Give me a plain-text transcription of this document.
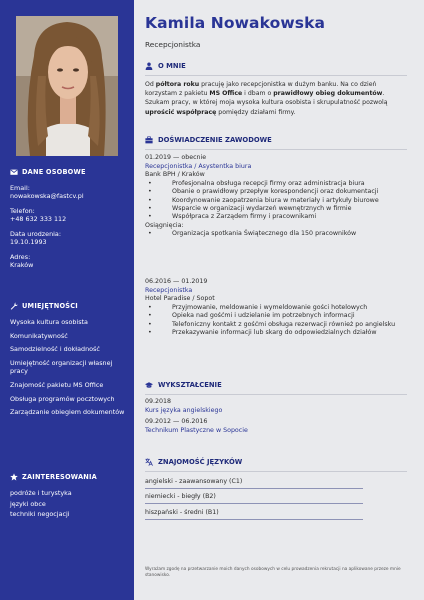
DANE OSOBOWE
Email:
nowakowska@fastcv.pl
Telefon:
+48 632 333 112
Data urodzenia:
19.10.1993
Adres:
Kraków
UMIEJĘTNOŚCI
Wysoka kultura osobista
Komunikatywność
Samodzielność i dokładność
Umiejętność organizacji własnej pracy
Znajomość pakietu MS Office
Obsługa programów pocztowych
Zarządzanie obiegiem dokumentów
ZAINTERESOWANIA
podróże i turystyka
języki obce
techniki negocjacji
Kamila Nowakowska
Recepcjonistka
O MNIE
Od półtora roku pracuję jako recepcjonistka w dużym banku. Na co dzień korzystam z pakietu MS Office i dbam o prawidłowy obieg dokumentów. Szukam pracy, w której moja wysoka kultura osobista i skrupulatność pozwolą uprościć współpracę pomiędzy działami firmy.
DOŚWIADCZENIE ZAWODOWE
01.2019 — obecnie
Recepcjonistka / Asystentka biura
Bank BPH / Kraków
• Profesjonalna obsługa recepcji firmy oraz administracja biura
• Obanie o prawidłowy przepływ korespondencji oraz dokumentacji
• Koordynowanie zaopatrzenia biura w materiały i artykuły biurowe
• Wsparcie w organizacji wydarzeń wewnętrznych w firmie
• Współpraca z Zarządem firmy i pracownikami
Osiągnięcia:
• Organizacja spotkania Świątecznego dla 150 pracowników
06.2016 — 01.2019
Recepcjonistka
Hotel Paradise / Sopot
• Przyjmowanie, meldowanie i wymeldowanie gości hotelowych
• Opieka nad gośćmi i udzielanie im potrzebnych informacji
• Telefoniczny kontakt z gośćmi obsługa rezerwacji również po angielsku
• Przekazywanie informacji lub skarg do odpowiedzialnych działów
WYKSZTAŁCENIE
09.2018
Kurs języka angielskiego
09.2012 — 06.2016
Technikum Plastyczne w Sopocie
ZNAJOMOŚĆ JĘZYKÓW
angielski - zaawansowany (C1)
niemiecki - biegły (B2)
hiszpański - średni (B1)
Wyrażam zgodę na przetwarzanie moich danych osobowych w celu prowadzenia rekrutacji na aplikowane przeze mnie stanowisko.
